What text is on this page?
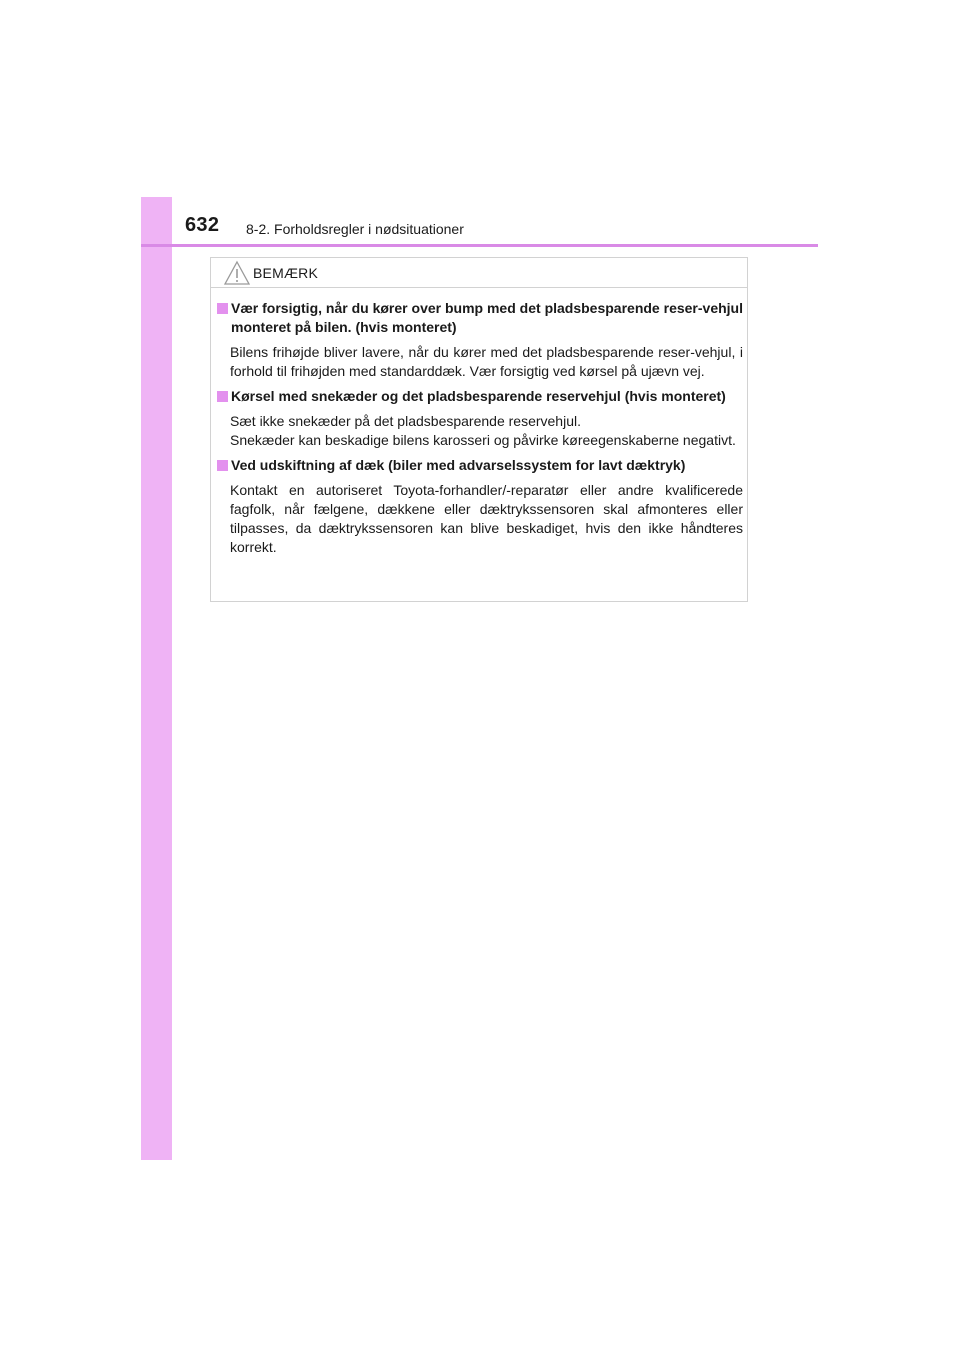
632 8-2. Forholdsregler i nødsituationer
BEMÆRK
Vær forsigtig, når du kører over bump med det pladsbesparende reser-vehjul monteret på bilen. (hvis monteret)
Bilens frihøjde bliver lavere, når du kører med det pladsbesparende reser-vehjul, i forhold til frihøjden med standarddæk. Vær forsigtig ved kørsel på ujævn vej.
Kørsel med snekæder og det pladsbesparende reservehjul (hvis monteret)
Sæt ikke snekæder på det pladsbesparende reservehjul.
Snekæder kan beskadige bilens karosseri og påvirke køreegenskaberne negativt.
Ved udskiftning af dæk (biler med advarselssystem for lavt dæktryk)
Kontakt en autoriseret Toyota-forhandler/-reparatør eller andre kvalificerede fagfolk, når fælgene, dækkene eller dæktrykssensoren skal afmonteres eller tilpasses, da dæktrykssensoren kan blive beskadiget, hvis den ikke håndteres korrekt.
